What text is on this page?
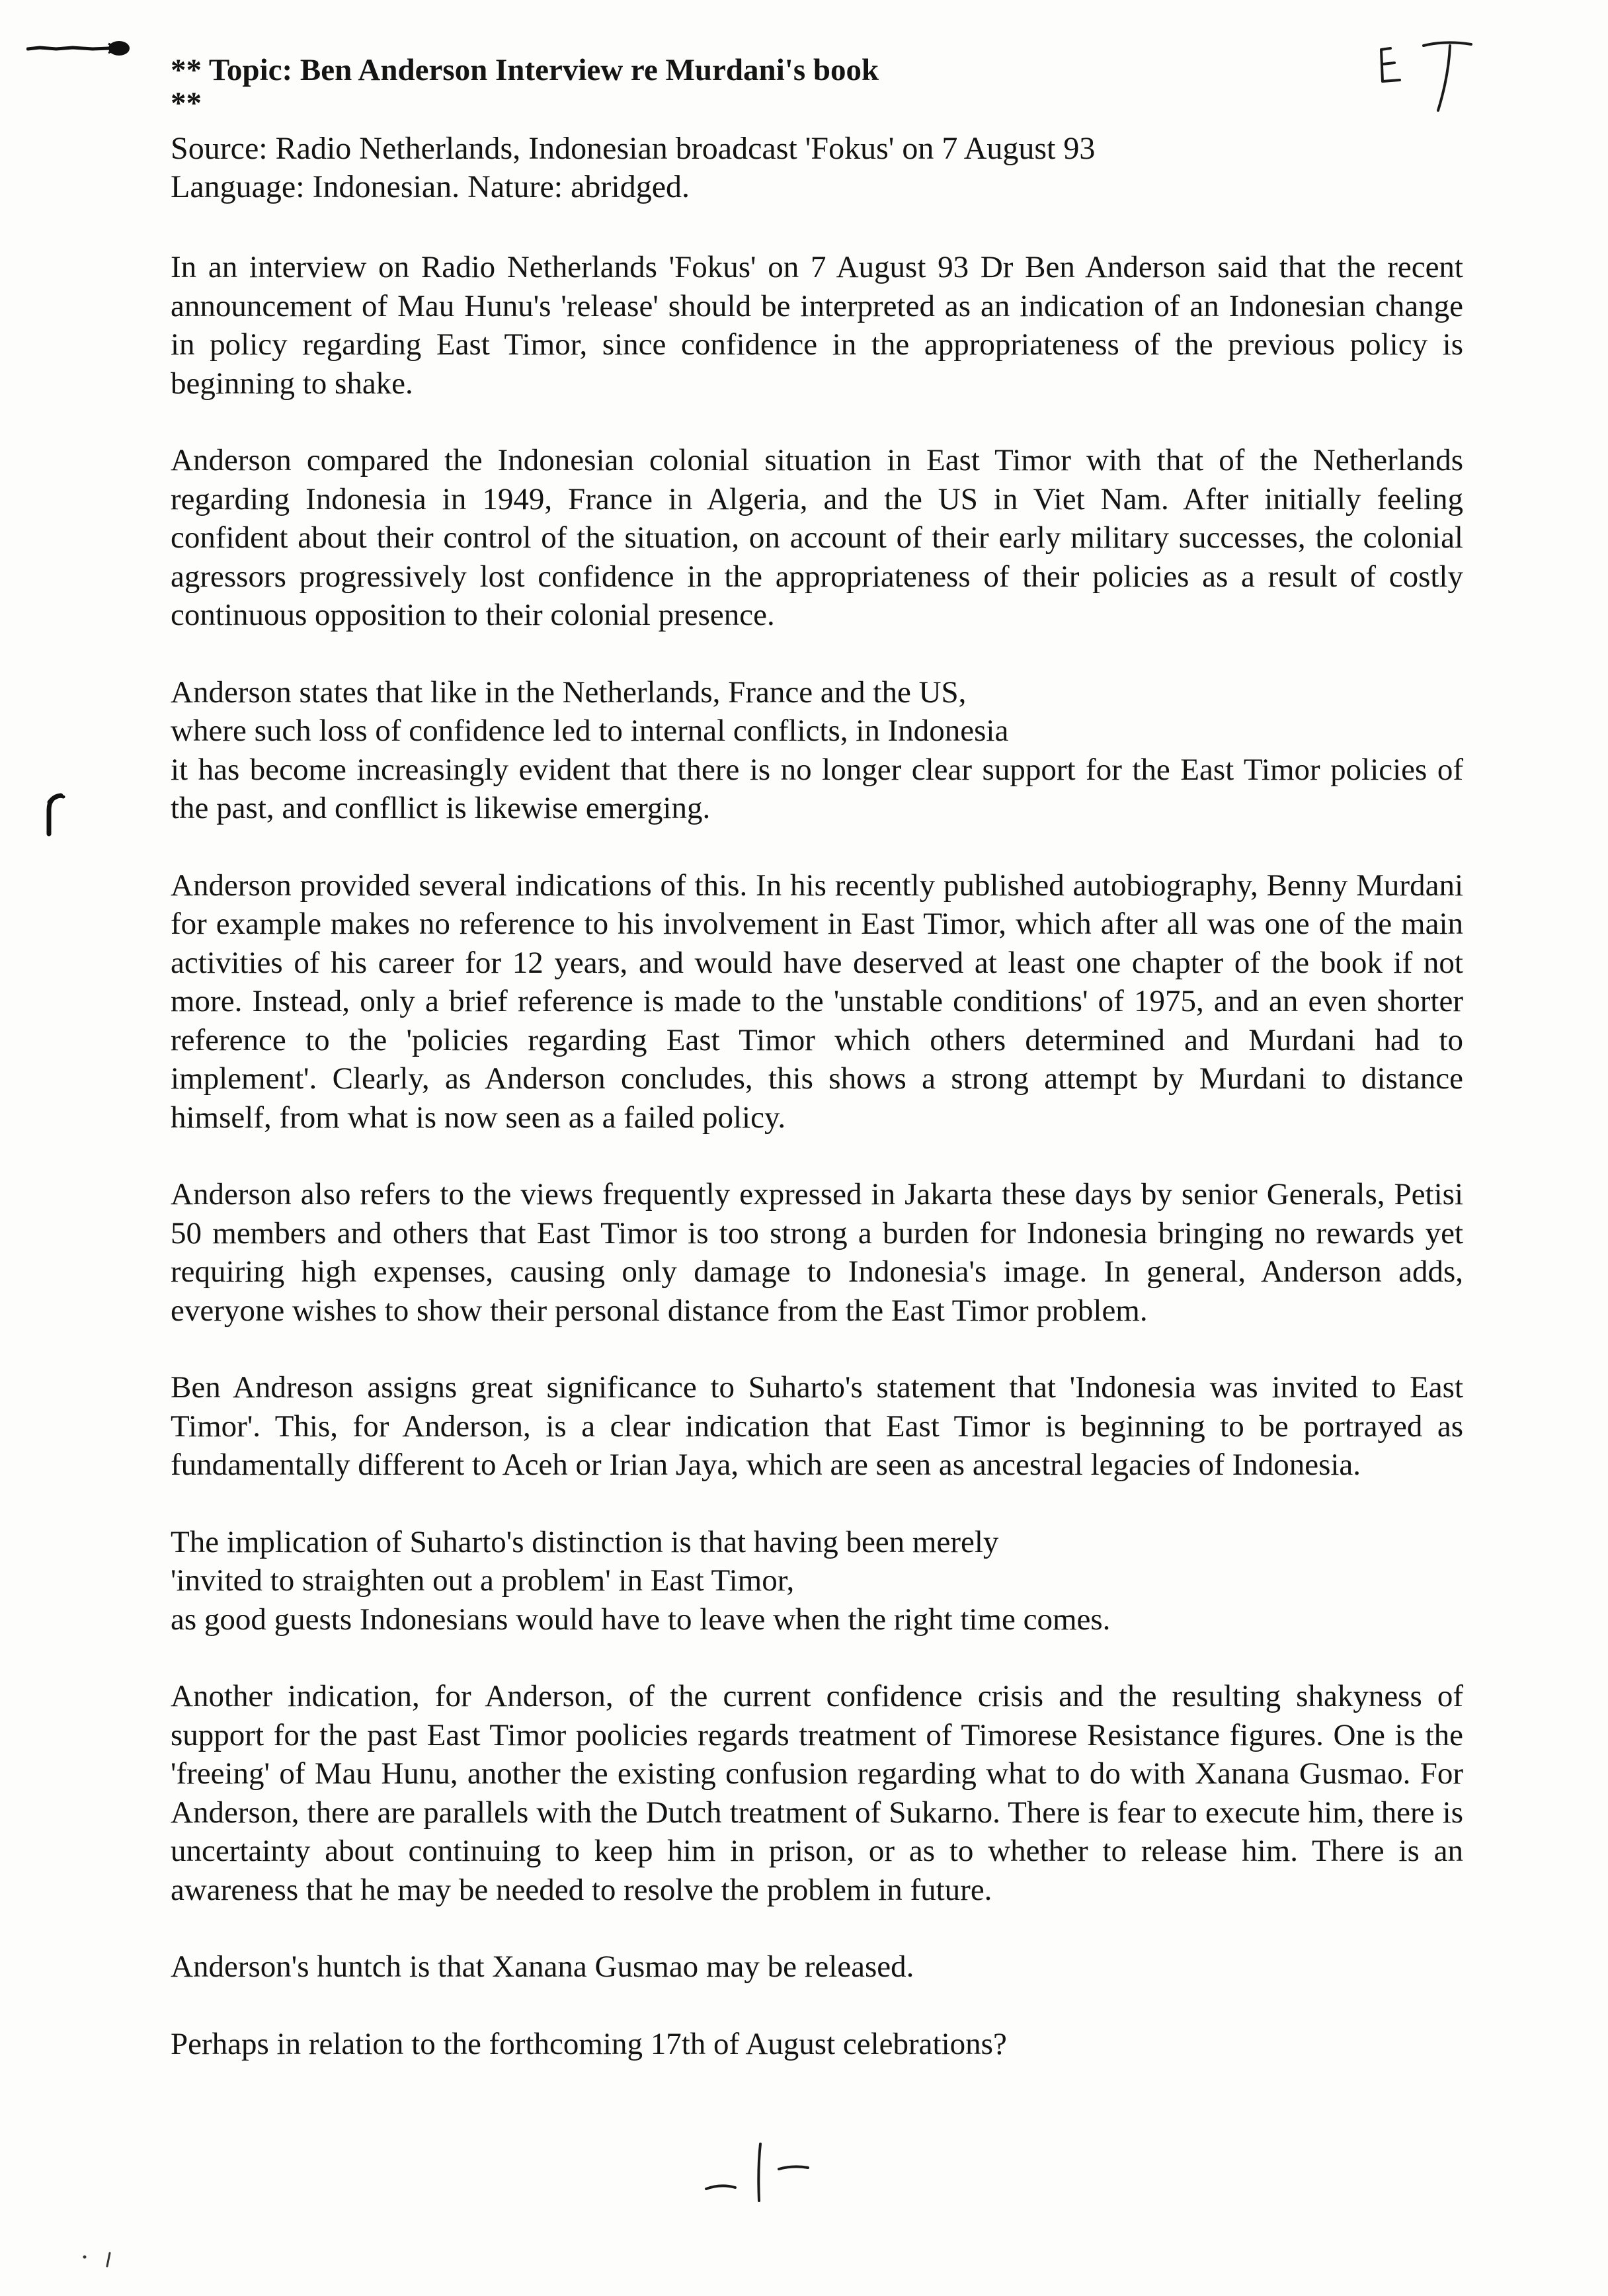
** Topic: Ben Anderson Interview re Murdani's book
**
Source: Radio Netherlands, Indonesian broadcast 'Fokus' on 7 August 93
Language: Indonesian. Nature: abridged.

In an interview on Radio Netherlands 'Fokus' on 7 August 93 Dr Ben Anderson said that the recent announcement of Mau Hunu's 'release' should be interpreted as an indication of an Indonesian change in policy regarding East Timor, since confidence in the appropriateness of the previous policy is beginning to shake.

Anderson compared the Indonesian colonial situation in East Timor with that of the Netherlands regarding Indonesia in 1949, France in Algeria, and the US in Viet Nam. After initially feeling confident about their control of the situation, on account of their early military successes, the colonial agressors progressively lost confidence in the appropriateness of their policies as a result of costly continuous opposition to their colonial presence.

Anderson states that like in the Netherlands, France and the US,
where such loss of confidence led to internal conflicts, in Indonesia
it has become increasingly evident that there is no longer clear support for the East Timor policies of the past, and confllict is likewise emerging.

Anderson provided several indications of this. In his recently published autobiography, Benny Murdani for example makes no reference to his involvement in East Timor, which after all was one of the main activities of his career for 12 years, and would have deserved at least one chapter of the book if not more. Instead, only a brief reference is made to the 'unstable conditions' of 1975, and an even shorter reference to the 'policies regarding East Timor which others determined and Murdani had to implement'. Clearly, as Anderson concludes, this shows a strong attempt by Murdani to distance himself, from what is now seen as a failed policy.

Anderson also refers to the views frequently expressed in Jakarta these days by senior Generals, Petisi 50 members and others that East Timor is too strong a burden for Indonesia bringing no rewards yet requiring high expenses, causing only damage to Indonesia's image. In general, Anderson adds, everyone wishes to show their personal distance from the East Timor problem.

Ben Andreson assigns great significance to Suharto's statement that 'Indonesia was invited to East Timor'. This, for Anderson, is a clear indication that East Timor is beginning to be portrayed as fundamentally different to Aceh or Irian Jaya, which are seen as ancestral legacies of Indonesia.

The implication of Suharto's distinction is that having been merely
'invited to straighten out a problem' in East Timor,
as good guests Indonesians would have to leave when the right time comes.

Another indication, for Anderson, of the current confidence crisis and the resulting shakyness of support for the past East Timor poolicies regards treatment of Timorese Resistance figures. One is the 'freeing' of Mau Hunu, another the existing confusion regarding what to do with Xanana Gusmao. For Anderson, there are parallels with the Dutch treatment of Sukarno. There is fear to execute him, there is uncertainty about continuing to keep him in prison, or as to whether to release him. There is an awareness that he may be needed to resolve the problem in future.

Anderson's huntch is that Xanana Gusmao may be released.

Perhaps in relation to the forthcoming 17th of August celebrations?
